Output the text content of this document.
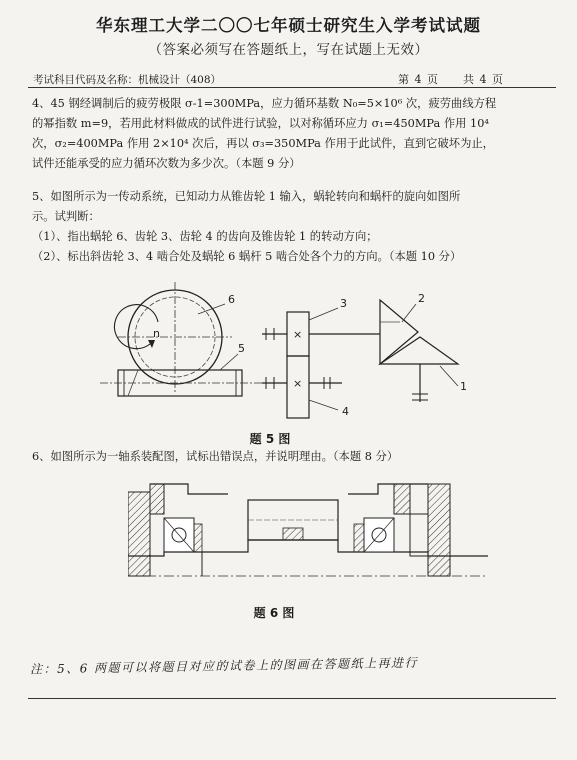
华东理工大学二〇〇七年硕士研究生入学考试试题
（答案必须写在答题纸上，写在试题上无效）
考试科目代码及名称：机械设计（408）	第 4 页　　共 4 页

4、45 钢经调制后的疲劳极限 σ-1=300MPa，应力循环基数 N₀=5×10⁶ 次，疲劳曲线方程

的幂指数 m=9，若用此材料做成的试件进行试验，以对称循环应力 σ₁=450MPa 作用 10⁴

次，σ₂=400MPa 作用 2×10⁴ 次后，再以 σ₃=350MPa 作用于此试件，直到它破坏为止，

试件还能承受的应力循环次数为多少次。（本题 9 分）

5、如图所示为一传动系统，已知动力从锥齿轮 1 输入，蜗轮转向和蜗杆的旋向如图所

示。试判断：

（1）、指出蜗轮 6、齿轮 3、齿轮 4 的齿向及锥齿轮 1 的转动方向；

（2）、标出斜齿轮 3、4 啮合处及蜗轮 6 蜗杆 5 啮合处各个力的方向。（本题 10 分）

n
6
5
×
3
×
4
2
1
题 5 图

6、如图所示为一轴系装配图，试标出错误点，并说明理由。（本题 8 分）

题 6 图
注：5、6 两题可以将题目对应的试卷上的图画在答题纸上再进行
